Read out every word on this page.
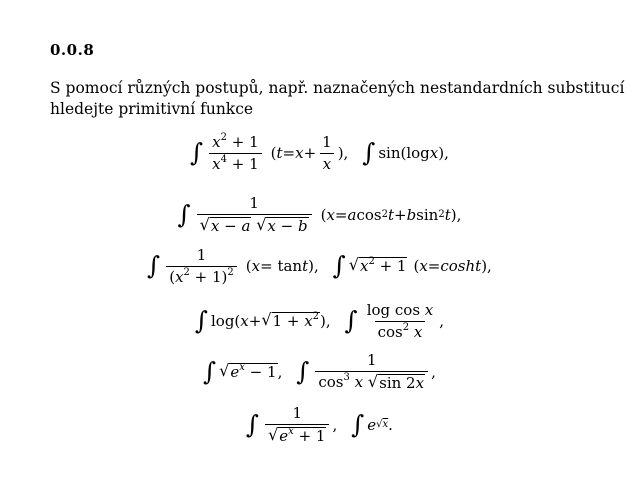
0.0.8
S pomocí různých postupů, např. naznačených nestandardních substitucí
hledejte primitivní funkce
∫ $\frac{x^2 + 1}{x^4 + 1}$ ( $t = x + \frac{1}{x}$ ), ∫ sin(log x ),
∫ 1
√ x − a
√ x − b ( x = a cos 2 t + b sin 2 t ),
∫ $\frac{1}{(x^2 + 1)^2}$ ( x = tan t ), ∫ √ $x^2 + 1$ ( x = cosht ),
∫ log( x + √ $1 + x^2$ ), ∫ $\frac{\text{log cos x}}{\cos^2 x}$ ,
∫ √ $e^x - 1$ , ∫ $\frac{1}{\cos^3 x √ \sin 2x}$ ,
∫ $\frac{1}{√ e^x + 1}$ , ∫ e √x .
